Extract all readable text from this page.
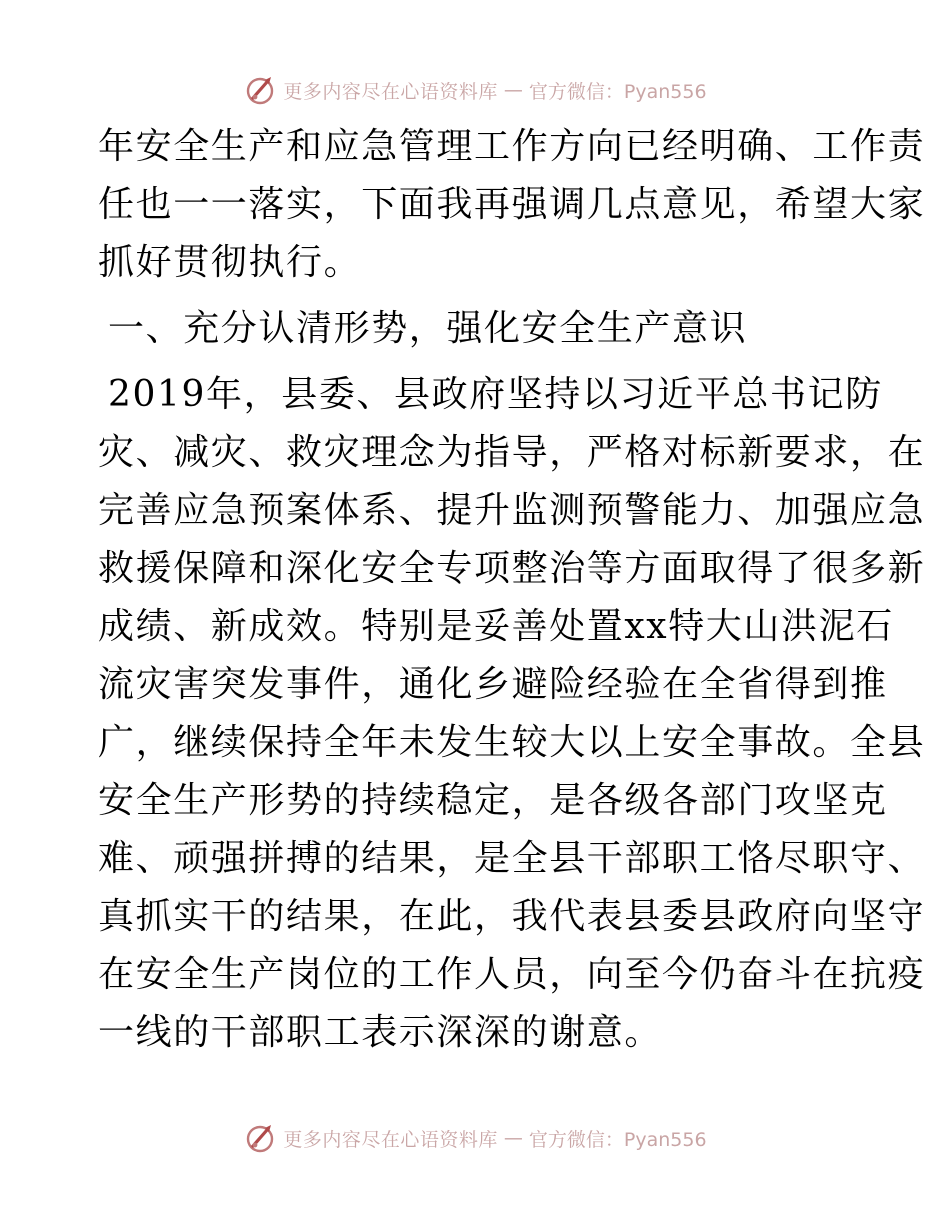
更多内容尽在心语资料库 — 官方微信：Pyan556
年安全生产和应急管理工作方向已经明确、工作责
任也一一落实，下面我再强调几点意见，希望大家
抓好贯彻执行。
一、充分认清形势，强化安全生产意识
2019年，县委、县政府坚持以习近平总书记防
灾、减灾、救灾理念为指导，严格对标新要求，在
完善应急预案体系、提升监测预警能力、加强应急
救援保障和深化安全专项整治等方面取得了很多新
成绩、新成效。特别是妥善处置xx特大山洪泥石
流灾害突发事件，通化乡避险经验在全省得到推
广，继续保持全年未发生较大以上安全事故。全县
安全生产形势的持续稳定，是各级各部门攻坚克
难、顽强拼搏的结果，是全县干部职工恪尽职守、
真抓实干的结果，在此，我代表县委县政府向坚守
在安全生产岗位的工作人员，向至今仍奋斗在抗疫
一线的干部职工表示深深的谢意。
更多内容尽在心语资料库 — 官方微信：Pyan556
